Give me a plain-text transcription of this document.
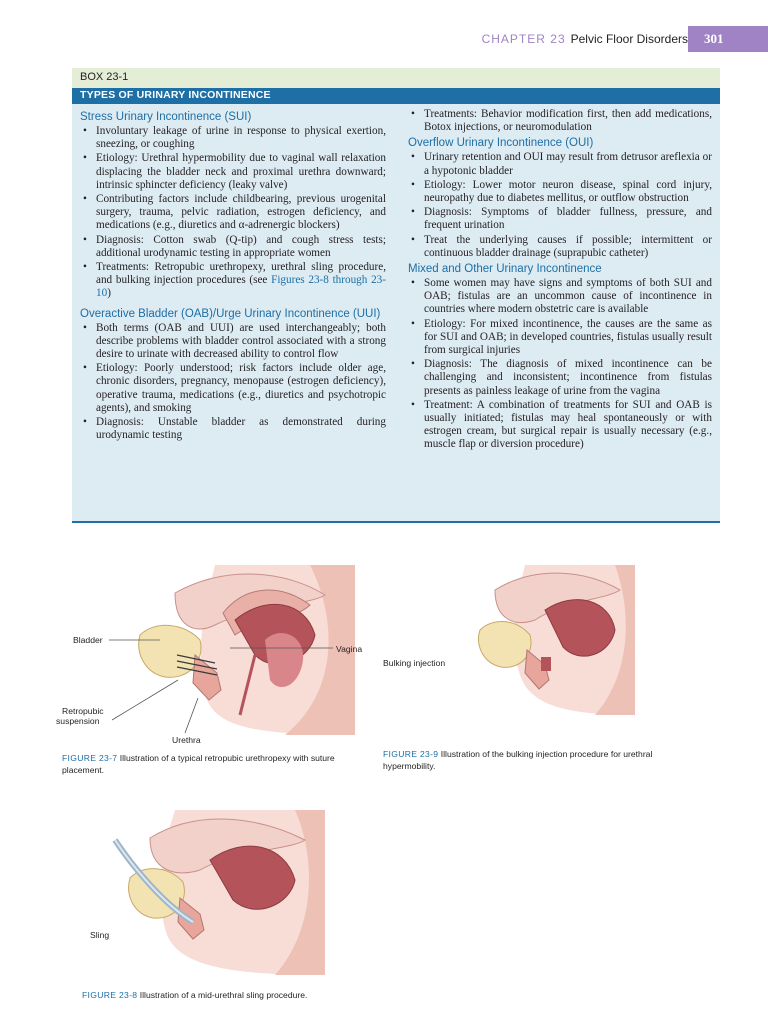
CHAPTER 23 Pelvic Floor Disorders	301
BOX 23-1
TYPES OF URINARY INCONTINENCE
Stress Urinary Incontinence (SUI)
• Involuntary leakage of urine in response to physical exertion, sneezing, or coughing
• Etiology: Urethral hypermobility due to vaginal wall relaxation displacing the bladder neck and proximal urethra downward; intrinsic sphincter deficiency (leaky valve)
• Contributing factors include childbearing, previous urogenital surgery, trauma, pelvic radiation, estrogen deficiency, and medications (e.g., diuretics and α-adrenergic blockers)
• Diagnosis: Cotton swab (Q-tip) and cough stress tests; additional urodynamic testing in appropriate women
• Treatments: Retropubic urethropexy, urethral sling procedure, and bulking injection procedures (see Figures 23-8 through 23-10)
Overactive Bladder (OAB)/Urge Urinary Incontinence (UUI)
• Both terms (OAB and UUI) are used interchangeably; both describe problems with bladder control associated with a strong desire to urinate with decreased ability to control flow
• Etiology: Poorly understood; risk factors include older age, chronic disorders, pregnancy, menopause (estrogen deficiency), operative trauma, medications (e.g., diuretics and psychotropic agents), and smoking
• Diagnosis: Unstable bladder as demonstrated during urodynamic testing
• Treatments: Behavior modification first, then add medications, Botox injections, or neuromodulation
Overflow Urinary Incontinence (OUI)
• Urinary retention and OUI may result from detrusor areflexia or a hypotonic bladder
• Etiology: Lower motor neuron disease, spinal cord injury, neuropathy due to diabetes mellitus, or outflow obstruction
• Diagnosis: Symptoms of bladder fullness, pressure, and frequent urination
• Treat the underlying causes if possible; intermittent or continuous bladder drainage (suprapubic catheter)
Mixed and Other Urinary Incontinence
• Some women may have signs and symptoms of both SUI and OAB; fistulas are an uncommon cause of incontinence in countries where modern obstetric care is available
• Etiology: For mixed incontinence, the causes are the same as for SUI and OAB; in developed countries, fistulas usually result from surgical injuries
• Diagnosis: The diagnosis of mixed incontinence can be challenging and inconsistent; incontinence from fistulas presents as painless leakage of urine from the vagina
• Treatment: A combination of treatments for SUI and OAB is usually initiated; fistulas may heal spontaneously or with estrogen cream, but surgical repair is usually necessary (e.g., muscle flap or diversion procedure)
Bladder
Vagina
Retropubic
suspension
Urethra
FIGURE 23-7 Illustration of a typical retropubic urethropexy with suture placement.
Bulking injection
FIGURE 23-9 Illustration of the bulking injection procedure for urethral hypermobility.
Sling
FIGURE 23-8 Illustration of a mid-urethral sling procedure.
